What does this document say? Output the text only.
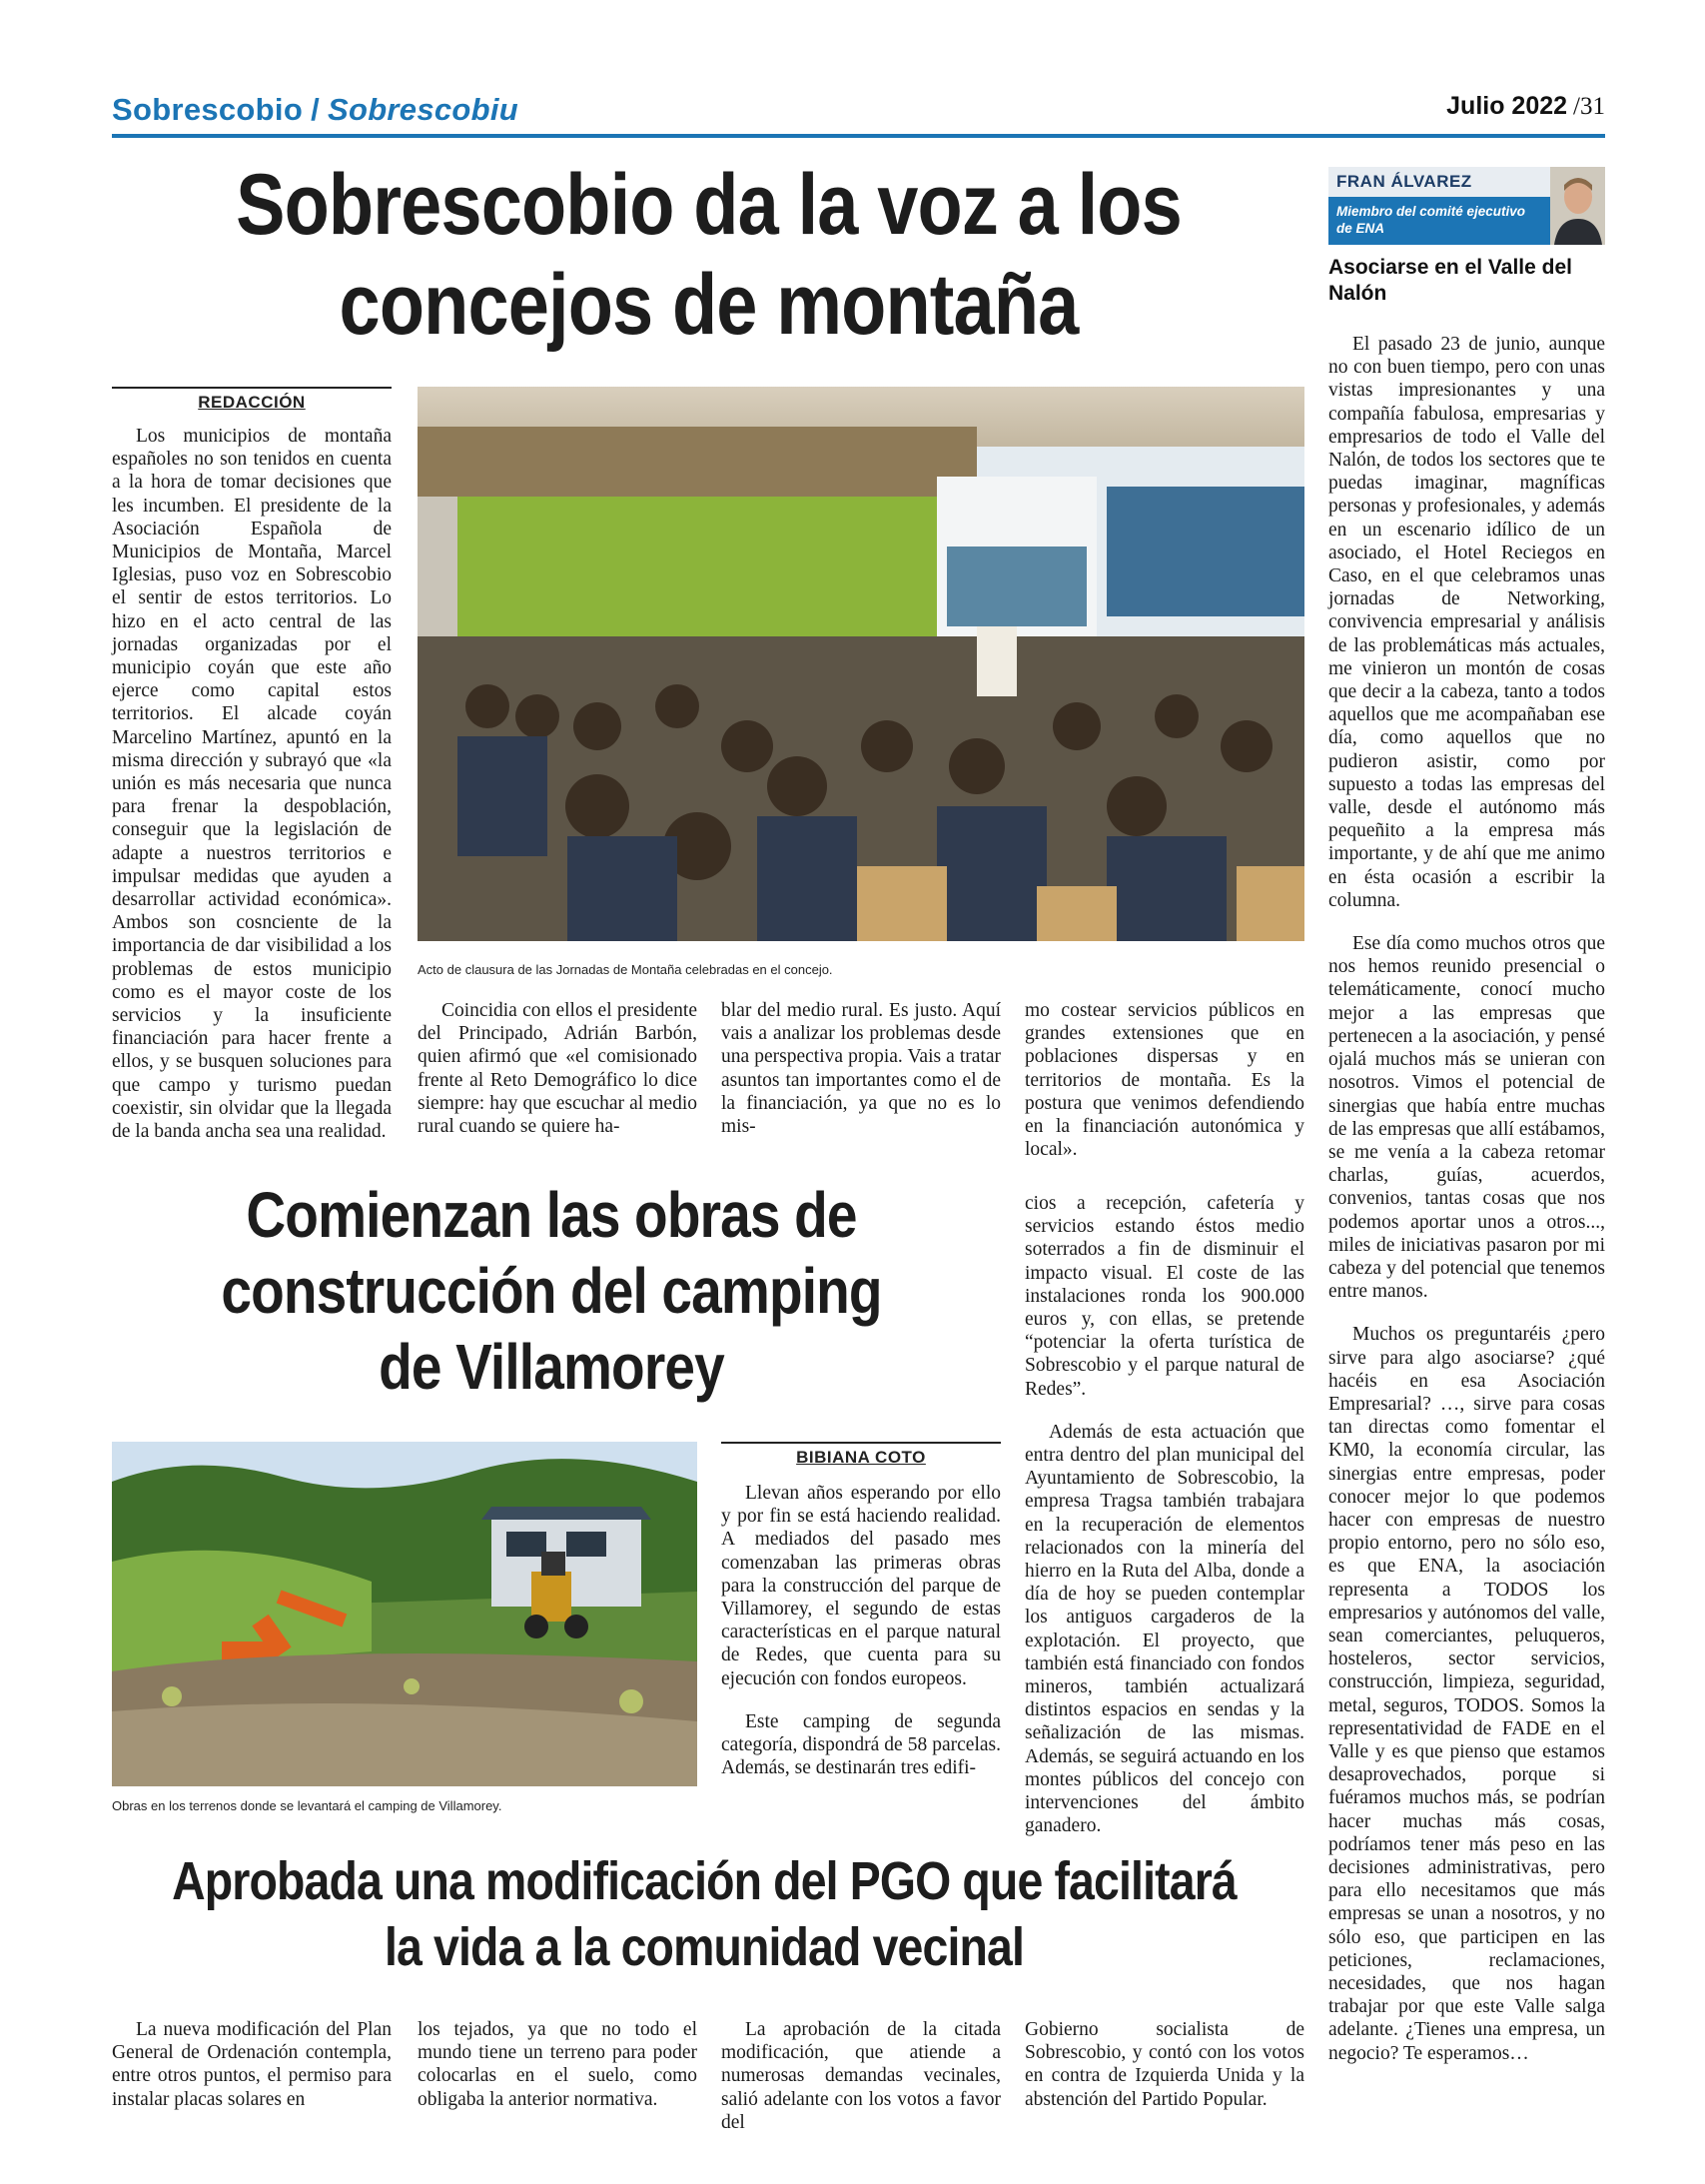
Sobrescobio / Sobrescobiu	Julio 2022 /31
Sobrescobio da la voz a los
concejos de montaña
REDACCIÓN

Los municipios de montaña españoles no son tenidos en cuenta a la hora de tomar decisiones que les incumben. El presidente de la Asociación Española de Municipios de Montaña, Marcel Iglesias, puso voz en Sobrescobio el sentir de estos territorios. Lo hizo en el acto central de las jornadas organizadas por el municipio coyán que este año ejerce como capital estos territorios. El alcade coyán Marcelino Martínez, apuntó en la misma dirección y subrayó que «la unión es más necesaria que nunca para frenar la despoblación, conseguir que la legislación de adapte a nuestros territorios e impulsar medidas que ayuden a desarrollar actividad económica». Ambos son cosnciente de la importancia de dar visibilidad a los problemas de estos municipio como es el mayor coste de los servicios y la insuficiente financiación para hacer frente a ellos, y se busquen soluciones para que campo y turismo puedan coexistir, sin olvidar que la llegada de la banda ancha sea una realidad.

Acto de clausura de las Jornadas de Montaña celebradas en el concejo.

Coincidia con ellos el presidente del Principado, Adrián Barbón, quien afirmó que «el comisionado frente al Reto Demográfico lo dice siempre: hay que escuchar al medio rural cuando se quiere ha-

blar del medio rural. Es justo. Aquí vais a analizar los problemas desde una perspectiva propia. Vais a tratar asuntos tan importantes como el de la financiación, ya que no es lo mis-

mo costear servicios públicos en grandes extensiones que en poblaciones dispersas y en territorios de montaña. Es la postura que venimos defendiendo en la financiación autonómica y local».

Comienzan las obras de
construcción del camping
de Villamorey
Obras en los terrenos donde se levantará el camping de Villamorey.
BIBIANA COTO

Llevan años esperando por ello y por fin se está haciendo realidad. A mediados del pasado mes comenzaban las primeras obras para la construcción del parque de Villamorey, el segundo de estas características en el parque natural de Redes, que cuenta para su ejecución con fondos europeos.

Este camping de segunda categoría, dispondrá de 58 parcelas. Además, se destinarán tres edifi-

cios a recepción, cafetería y servicios estando éstos medio soterrados a fin de disminuir el impacto visual. El coste de las instalaciones ronda los 900.000 euros y, con ellas, se pretende “potenciar la oferta turística de Sobrescobio y el parque natural de Redes”.

Además de esta actuación que entra dentro del plan municipal del Ayuntamiento de Sobrescobio, la empresa Tragsa también trabajara en la recuperación de elementos relacionados con la minería del hierro en la Ruta del Alba, donde a día de hoy se pueden contemplar los antiguos cargaderos de la explotación. El proyecto, que también está financiado con fondos mineros, también actualizará distintos espacios en sendas y la señalización de las mismas. Además, se seguirá actuando en los montes públicos del concejo con intervenciones del ámbito ganadero.

Aprobada una modificación del PGO que facilitará
la vida a la comunidad vecinal

La nueva modificación del Plan General de Ordenación contempla, entre otros puntos, el permiso para instalar placas solares en

los tejados, ya que no todo el mundo tiene un terreno para poder colocarlas en el suelo, como obligaba la anterior normativa.

La aprobación de la citada modificación, que atiende a numerosas demandas vecinales, salió adelante con los votos a favor del

Gobierno socialista de Sobrescobio, y contó con los votos en contra de Izquierda Unida y la abstención del Partido Popular.

FRAN ÁLVAREZ
Miembro del comité ejecutivo de ENA
Asociarse en el Valle del Nalón

El pasado 23 de junio, aunque no con buen tiempo, pero con unas vistas impresionantes y una compañía fabulosa, empresarias y empresarios de todo el Valle del Nalón, de todos los sectores que te puedas imaginar, magníficas personas y profesionales, y además en un escenario idílico de un asociado, el Hotel Reciegos en Caso, en el que celebramos unas jornadas de Networking, convivencia empresarial y análisis de las problemáticas más actuales, me vinieron un montón de cosas que decir a la cabeza, tanto a todos aquellos que me acompañaban ese día, como aquellos que no pudieron asistir, como por supuesto a todas las empresas del valle, desde el autónomo más pequeñito a la empresa más importante, y de ahí que me animo en ésta ocasión a escribir la columna.

Ese día como muchos otros que nos hemos reunido presencial o telemáticamente, conocí mucho mejor a las empresas que pertenecen a la asociación, y pensé ojalá muchos más se unieran con nosotros. Vimos el potencial de sinergias que había entre muchas de las empresas que allí estábamos, se me venía a la cabeza retomar charlas, guías, acuerdos, convenios, tantas cosas que nos podemos aportar unos a otros..., miles de iniciativas pasaron por mi cabeza y del potencial que tenemos entre manos.

Muchos os preguntaréis ¿pero sirve para algo asociarse? ¿qué hacéis en esa Asociación Empresarial? …, sirve para cosas tan directas como fomentar el KM0, la economía circular, las sinergias entre empresas, poder conocer mejor lo que podemos hacer con empresas de nuestro propio entorno, pero no sólo eso, es que ENA, la asociación representa a TODOS los empresarios y autónomos del valle, sean comerciantes, peluqueros, hosteleros, sector servicios, construcción, limpieza, seguridad, metal, seguros, TODOS. Somos la representatividad de FADE en el Valle y es que pienso que estamos desaprovechados, porque si fuéramos muchos más, se podrían hacer muchas más cosas, podríamos tener más peso en las decisiones administrativas, pero para ello necesitamos que más empresas se unan a nosotros, y no sólo eso, que participen en las peticiones, reclamaciones, necesidades, que nos hagan trabajar por que este Valle salga adelante. ¿Tienes una empresa, un negocio? Te esperamos…
